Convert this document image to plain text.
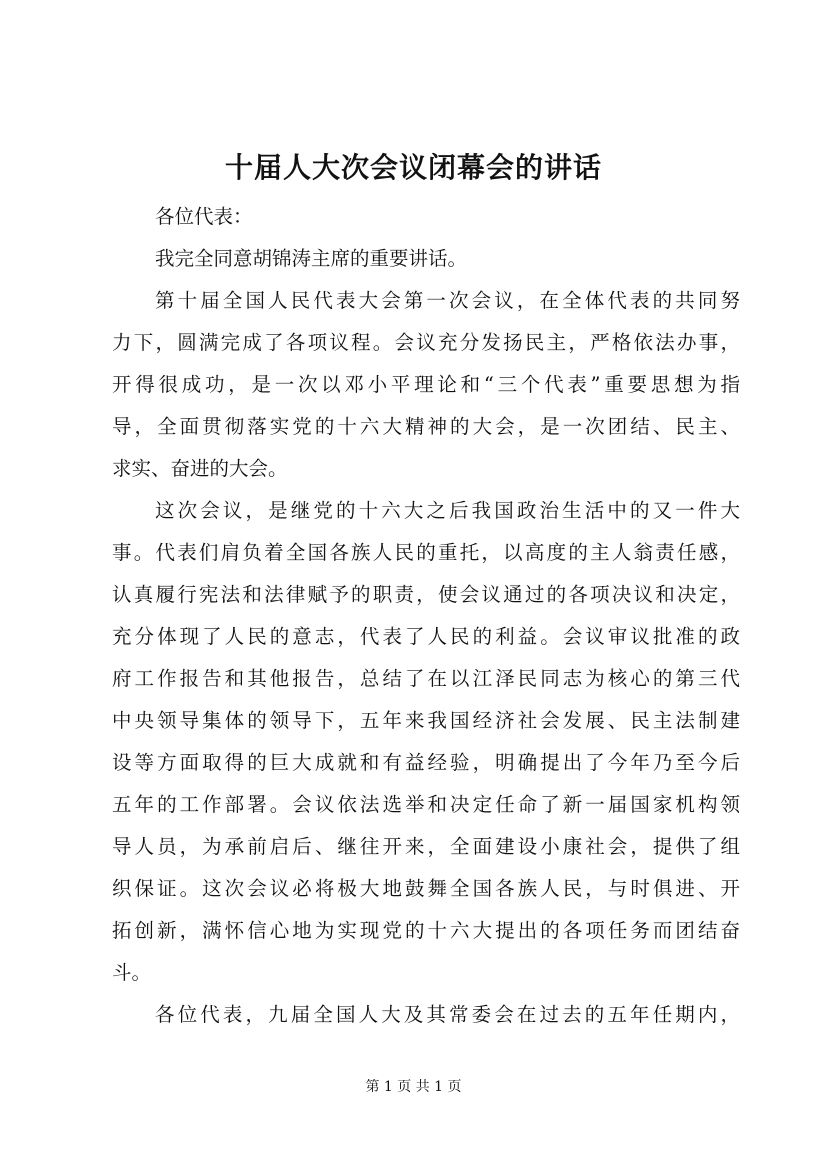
十届人大次会议闭幕会的讲话
各位代表：
我完全同意胡锦涛主席的重要讲话。
第十届全国人民代表大会第一次会议，在全体代表的共同努
力下，圆满完成了各项议程。会议充分发扬民主，严格依法办事，
开得很成功，是一次以邓小平理论和“三个代表”重要思想为指
导，全面贯彻落实党的十六大精神的大会，是一次团结、民主、
求实、奋进的大会。
这次会议，是继党的十六大之后我国政治生活中的又一件大
事。代表们肩负着全国各族人民的重托，以高度的主人翁责任感，
认真履行宪法和法律赋予的职责，使会议通过的各项决议和决定，
充分体现了人民的意志，代表了人民的利益。会议审议批准的政
府工作报告和其他报告，总结了在以江泽民同志为核心的第三代
中央领导集体的领导下，五年来我国经济社会发展、民主法制建
设等方面取得的巨大成就和有益经验，明确提出了今年乃至今后
五年的工作部署。会议依法选举和决定任命了新一届国家机构领
导人员，为承前启后、继往开来，全面建设小康社会，提供了组
织保证。这次会议必将极大地鼓舞全国各族人民，与时俱进、开
拓创新，满怀信心地为实现党的十六大提出的各项任务而团结奋
斗。
各位代表，九届全国人大及其常委会在过去的五年任期内，
第 1 页 共 1 页
